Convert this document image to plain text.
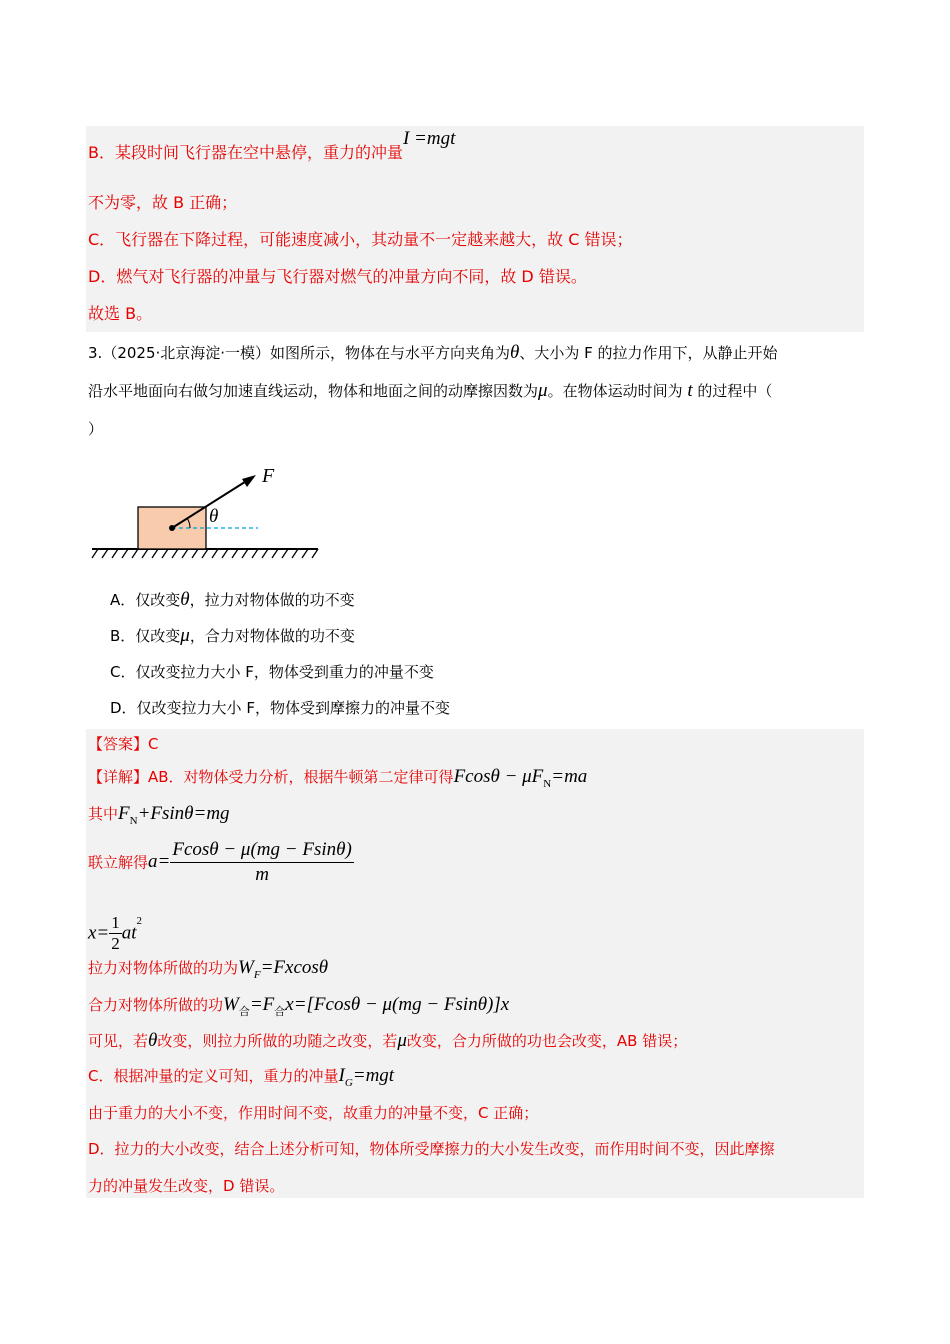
B．某段时间飞行器在空中悬停，重力的冲量I =mgt
不为零，故 B 正确；
C．飞行器在下降过程，可能速度减小，其动量不一定越来越大，故 C 错误；
D．燃气对飞行器的冲量与飞行器对燃气的冲量方向不同，故 D 错误。
故选 B。
3.（2025·北京海淀·一模）如图所示，物体在与水平方向夹角为θ、大小为 F 的拉力作用下，从静止开始
沿水平地面向右做匀加速直线运动，物体和地面之间的动摩擦因数为μ。在物体运动时间为 t 的过程中（
）
F
θ
A．仅改变θ，拉力对物体做的功不变
B．仅改变μ，合力对物体做的功不变
C．仅改变拉力大小 F，物体受到重力的冲量不变
D．仅改变拉力大小 F，物体受到摩擦力的冲量不变
【答案】C
【详解】AB．对物体受力分析，根据牛顿第二定律可得$Fcos\theta - \mu F_N=ma$
其中$F_N+Fsin\theta=mg$
联立解得$a= \frac{Fcos\theta - \mu(mg - Fsin\theta)}{m}$
$x= \frac{1}{2} at^2$
拉力对物体所做的功为$W_F=Fxcos\theta$
合力对物体所做的功$W_合=F_合x=[Fcos\theta - \mu(mg - Fsin\theta)]x$
可见，若θ改变，则拉力所做的功随之改变，若μ改变，合力所做的功也会改变，AB 错误；
C．根据冲量的定义可知，重力的冲量$I_G=mgt$
由于重力的大小不变，作用时间不变，故重力的冲量不变，C 正确；
D．拉力的大小改变，结合上述分析可知，物体所受摩擦力的大小发生改变，而作用时间不变，因此摩擦
力的冲量发生改变，D 错误。
